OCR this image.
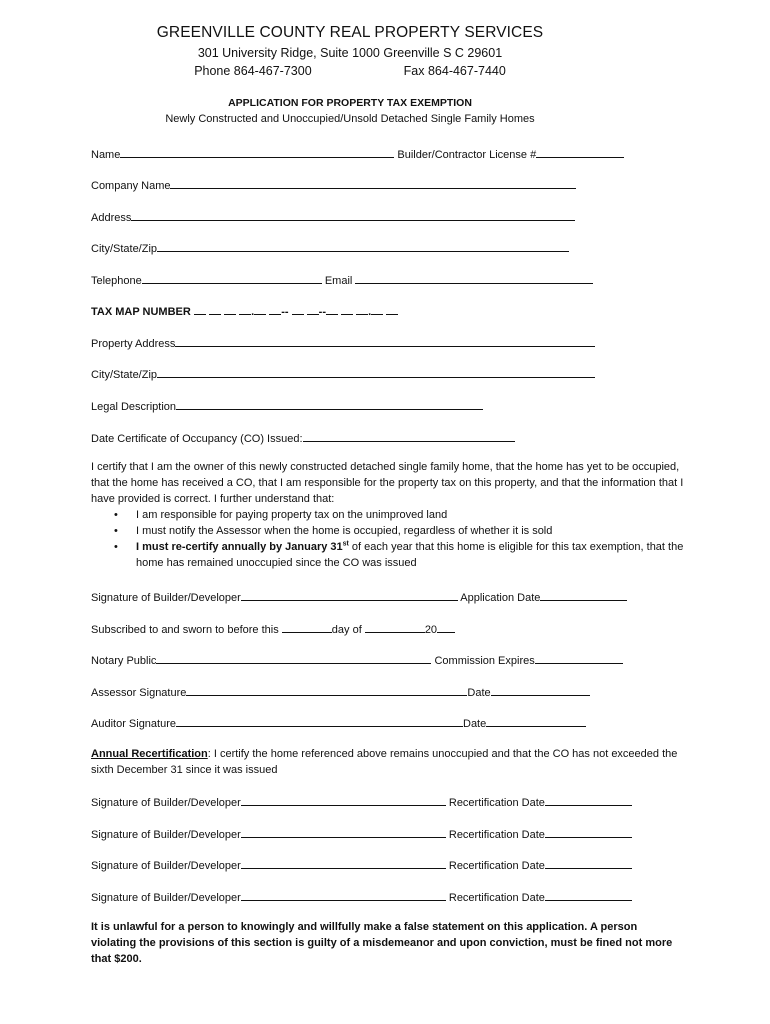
GREENVILLE COUNTY REAL PROPERTY SERVICES
301 University Ridge, Suite 1000 Greenville S C 29601
Phone 864-467-7300	Fax 864-467-7440
APPLICATION FOR PROPERTY TAX EXEMPTION
Newly Constructed and Unoccupied/Unsold Detached Single Family Homes
Name	Builder/Contractor License #
Company Name
Address
City/State/Zip
Telephone	Email
TAX MAP NUMBER	. --  --	.
Property Address
City/State/Zip
Legal Description
Date Certificate of Occupancy (CO) Issued:

I certify that I am the owner of this newly constructed detached single family home, that the home has yet to be occupied, that the home has received a CO, that I am responsible for the property tax on this property, and that the information that I have provided is correct. I further understand that:

• I am responsible for paying property tax on the unimproved land
• I must notify the Assessor when the home is occupied, regardless of whether it is sold
• I must re-certify annually by January 31st of each year that this home is eligible for this tax exemption, that the home has remained unoccupied since the CO was issued
Signature of Builder/Developer	Application Date
Subscribed to and sworn to before this	day of	20
Notary Public	Commission Expires
Assessor Signature	Date
Auditor Signature	Date
Annual Recertification: I certify the home referenced above remains unoccupied and that the CO has not exceeded the sixth December 31 since it was issued
Signature of Builder/Developer	Recertification Date
Signature of Builder/Developer	Recertification Date
Signature of Builder/Developer	Recertification Date
Signature of Builder/Developer	Recertification Date
It is unlawful for a person to knowingly and willfully make a false statement on this application. A person violating the provisions of this section is guilty of a misdemeanor and upon conviction, must be fined not more that $200.
